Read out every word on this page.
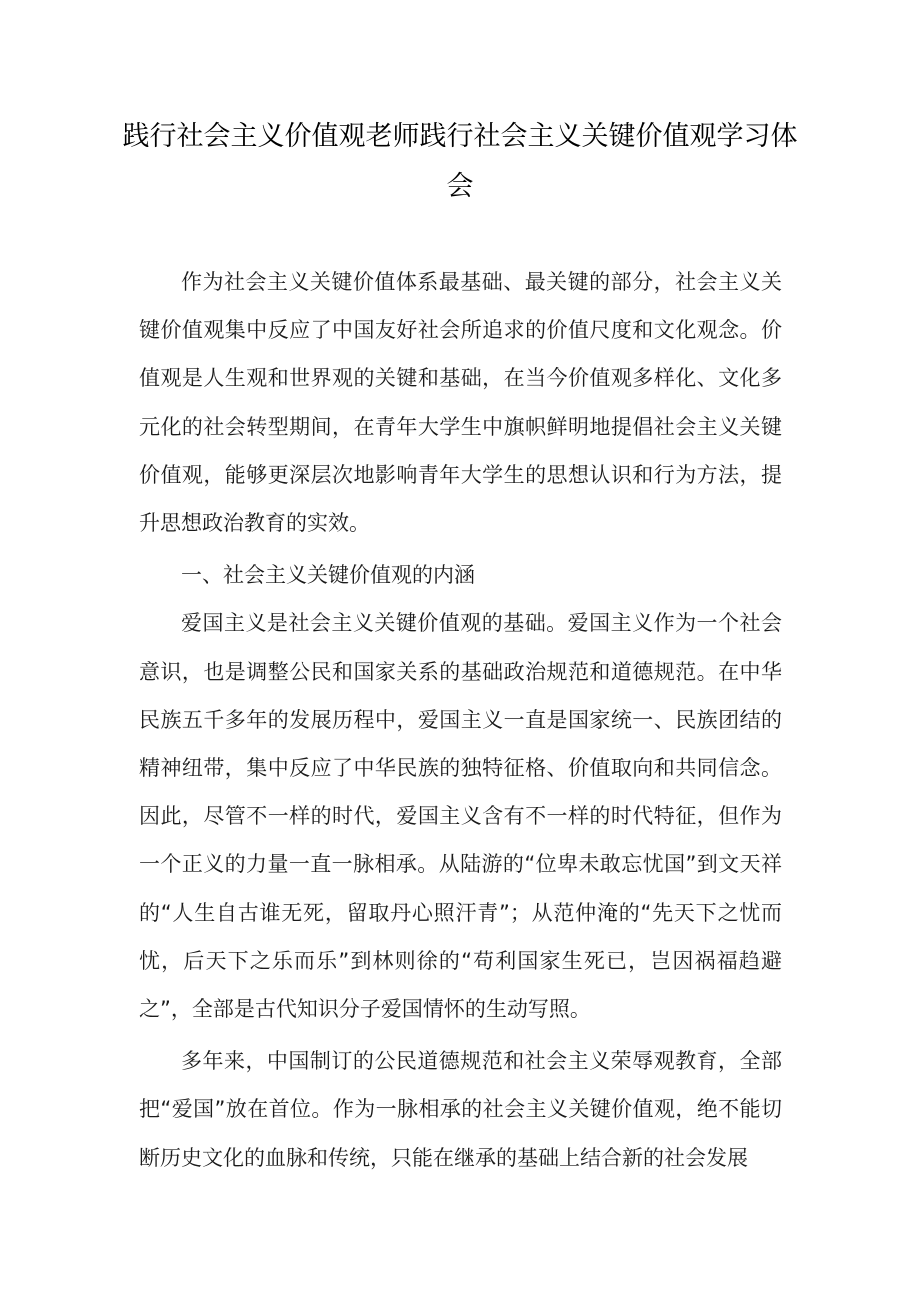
践行社会主义价值观老师践行社会主义关键价值观学习体会

作为社会主义关键价值体系最基础、最关键的部分，社会主义关键价值观集中反应了中国友好社会所追求的价值尺度和文化观念。价值观是人生观和世界观的关键和基础，在当今价值观多样化、文化多元化的社会转型期间，在青年大学生中旗帜鲜明地提倡社会主义关键价值观，能够更深层次地影响青年大学生的思想认识和行为方法，提升思想政治教育的实效。

一、社会主义关键价值观的内涵

爱国主义是社会主义关键价值观的基础。爱国主义作为一个社会意识，也是调整公民和国家关系的基础政治规范和道德规范。在中华民族五千多年的发展历程中，爱国主义一直是国家统一、民族团结的精神纽带，集中反应了中华民族的独特征格、价值取向和共同信念。因此，尽管不一样的时代，爱国主义含有不一样的时代特征，但作为一个正义的力量一直一脉相承。从陆游的“位卑未敢忘忧国”到文天祥的“人生自古谁无死，留取丹心照汗青”；从范仲淹的“先天下之忧而忧，后天下之乐而乐”到林则徐的“苟利国家生死已，岂因祸福趋避之”，全部是古代知识分子爱国情怀的生动写照。

多年来，中国制订的公民道德规范和社会主义荣辱观教育，全部把“爱国”放在首位。作为一脉相承的社会主义关键价值观，绝不能切断历史文化的血脉和传统，只能在继承的基础上结合新的社会发展
